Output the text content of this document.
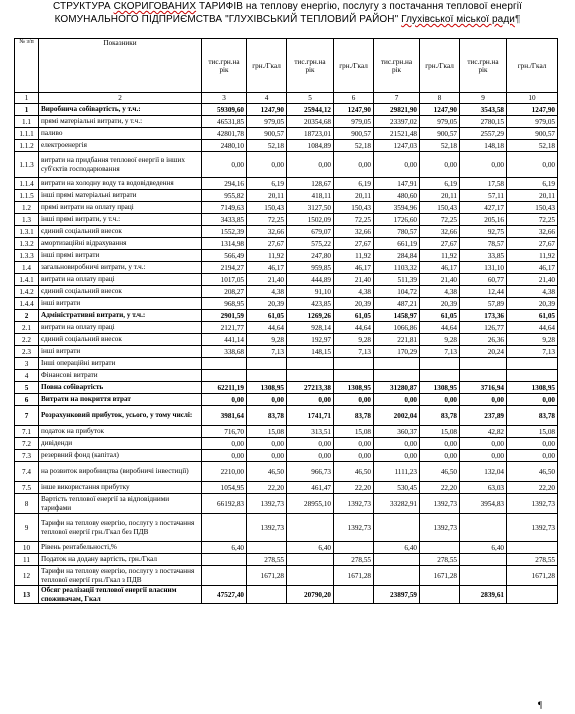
СТРУКТУРА СКОРИГОВАНИХ ТАРИФІВ на теплову енергію, послугу з постачання теплової енергії
КОМУНАЛЬНОГО ПІДПРИЄМСТВА "ГЛУХІВСЬКИЙ ТЕПЛОВИЙ РАЙОН" Глухівської міської ради¶
№ з/п	Показники	тис.грн.на рік	грн./Гкал	тис.грн.на рік	грн./Гкал	тис.грн.на рік	грн./Гкал	тис.грн.на рік	грн./Гкал
1	2	3	4	5	6	7	8	9	10
1	Виробнича собівартість, у т.ч.:	59309,60	1247,90	25944,12	1247,90	29821,90	1247,90	3543,58	1247,90
1.1	прямі матеріальні витрати, у т.ч.:	46531,85	979,05	20354,68	979,05	23397,02	979,05	2780,15	979,05
1.1.1	паливо	42801,78	900,57	18723,01	900,57	21521,48	900,57	2557,29	900,57
1.1.2	електроенергія	2480,10	52,18	1084,89	52,18	1247,03	52,18	148,18	52,18
1.1.3	витрати на придбання теплової енергії в інших суб'єктів господарювання	0,00	0,00	0,00	0,00	0,00	0,00	0,00	0,00
1.1.4	витрати на холодну воду та водовідведення	294,16	6,19	128,67	6,19	147,91	6,19	17,58	6,19
1.1.5	інші прямі матеріальні витрати	955,82	20,11	418,11	20,11	480,60	20,11	57,11	20,11
1.2	прямі витрати на оплату праці	7149,63	150,43	3127,50	150,43	3594,96	150,43	427,17	150,43
1.3	інші прямі витрати, у т.ч.:	3433,85	72,25	1502,09	72,25	1726,60	72,25	205,16	72,25
1.3.1	єдиний соціальний внесок	1552,39	32,66	679,07	32,66	780,57	32,66	92,75	32,66
1.3.2	амортизаційні відрахування	1314,98	27,67	575,22	27,67	661,19	27,67	78,57	27,67
1.3.3	інші прямі витрати	566,49	11,92	247,80	11,92	284,84	11,92	33,85	11,92
1.4	загальновиробничі витрати, у т.ч.:	2194,27	46,17	959,85	46,17	1103,32	46,17	131,10	46,17
1.4.1	витрати на оплату праці	1017,05	21,40	444,89	21,40	511,39	21,40	60,77	21,40
1.4.2	єдиний соціальний внесок	208,27	4,38	91,10	4,38	104,72	4,38	12,44	4,38
1.4.4	інші витрати	968,95	20,39	423,85	20,39	487,21	20,39	57,89	20,39
2	Адміністративні витрати, у т.ч.:	2901,59	61,05	1269,26	61,05	1458,97	61,05	173,36	61,05
2.1	витрати на оплату праці	2121,77	44,64	928,14	44,64	1066,86	44,64	126,77	44,64
2.2	єдиний соціальний внесок	441,14	9,28	192,97	9,28	221,81	9,28	26,36	9,28
2.3	інші витрати	338,68	7,13	148,15	7,13	170,29	7,13	20,24	7,13
3	Інші операційні витрати								
4	Фінансові витрати								
5	Повна собівартість	62211,19	1308,95	27213,38	1308,95	31280,87	1308,95	3716,94	1308,95
6	Витрати на покриття втрат	0,00	0,00	0,00	0,00	0,00	0,00	0,00	0,00
7	Розрахунковий прибуток, усього, у тому числі:	3981,64	83,78	1741,71	83,78	2002,04	83,78	237,89	83,78
7.1	податок на прибуток	716,70	15,08	313,51	15,08	360,37	15,08	42,82	15,08
7.2	дивіденди	0,00	0,00	0,00	0,00	0,00	0,00	0,00	0,00
7.3	резервний фонд (капітал)	0,00	0,00	0,00	0,00	0,00	0,00	0,00	0,00
7.4	на розвиток виробництва (виробничі інвестиції)	2210,00	46,50	966,73	46,50	1111,23	46,50	132,04	46,50
7.5	інше використання прибутку	1054,95	22,20	461,47	22,20	530,45	22,20	63,03	22,20
8	Вартість теплової енергії за відповідними тарифами	66192,83	1392,73	28955,10	1392,73	33282,91	1392,73	3954,83	1392,73
9	Тарифи на теплову енергію, послугу з постачання теплової енергії грн./Гкал без ПДВ		1392,73		1392,73		1392,73		1392,73
10	Рівень рентабельності,%	6,40		6,40		6,40		6,40	
11	Податок на додану вартість, грн./Гкал		278,55		278,55		278,55		278,55
12	Тарифи на теплову енергію, послугу з постачання теплової енергії грн./Гкал з ПДВ		1671,28		1671,28		1671,28		1671,28
13	Обсяг реалізації теплової енергії власним споживачам, Гкал	47527,40		20790,20		23897,59		2839,61	
¶
